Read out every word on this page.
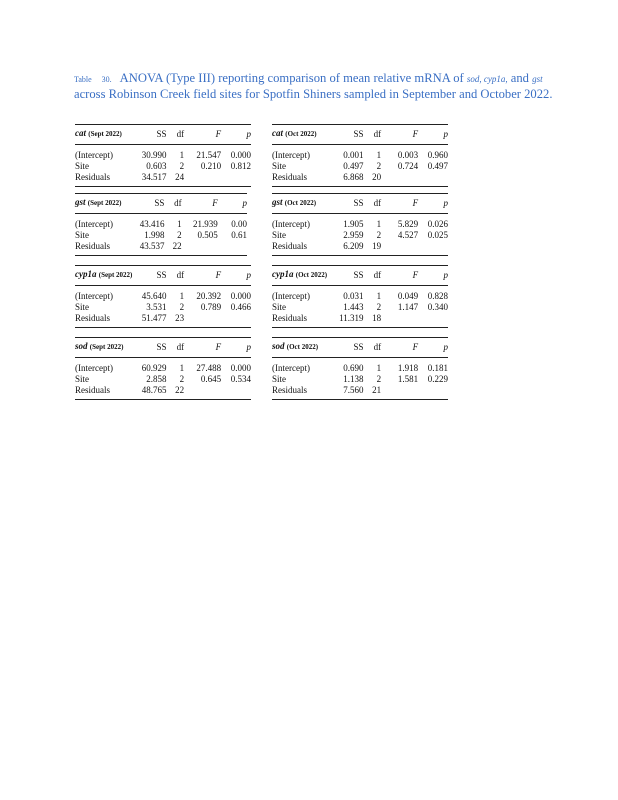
Table 30. ANOVA (Type III) reporting comparison of mean relative mRNA of sod, cyp1a, and gst across Robinson Creek field sites for Spotfin Shiners sampled in September and October 2022.
cat (Sept 2022)	SS	df	F	p
(Intercept)	30.990	1	21.547	0.000
Site	0.603	2	0.210	0.812
Residuals	34.517	24		
cat (Oct 2022)	SS	df	F	p
(Intercept)	0.001	1	0.003	0.960
Site	0.497	2	0.724	0.497
Residuals	6.868	20		
gst (Sept 2022)	SS	df	F	p
(Intercept)	43.416	1	21.939	0.00
Site	1.998	2	0.505	0.61
Residuals	43.537	22		
gst (Oct 2022)	SS	df	F	p
(Intercept)	1.905	1	5.829	0.026
Site	2.959	2	4.527	0.025
Residuals	6.209	19		
cyp1a (Sept 2022)	SS	df	F	p
(Intercept)	45.640	1	20.392	0.000
Site	3.531	2	0.789	0.466
Residuals	51.477	23		
cyp1a (Oct 2022)	SS	df	F	p
(Intercept)	0.031	1	0.049	0.828
Site	1.443	2	1.147	0.340
Residuals	11.319	18		
sod (Sept 2022)	SS	df	F	p
(Intercept)	60.929	1	27.488	0.000
Site	2.858	2	0.645	0.534
Residuals	48.765	22		
sod (Oct 2022)	SS	df	F	p
(Intercept)	0.690	1	1.918	0.181
Site	1.138	2	1.581	0.229
Residuals	7.560	21		
